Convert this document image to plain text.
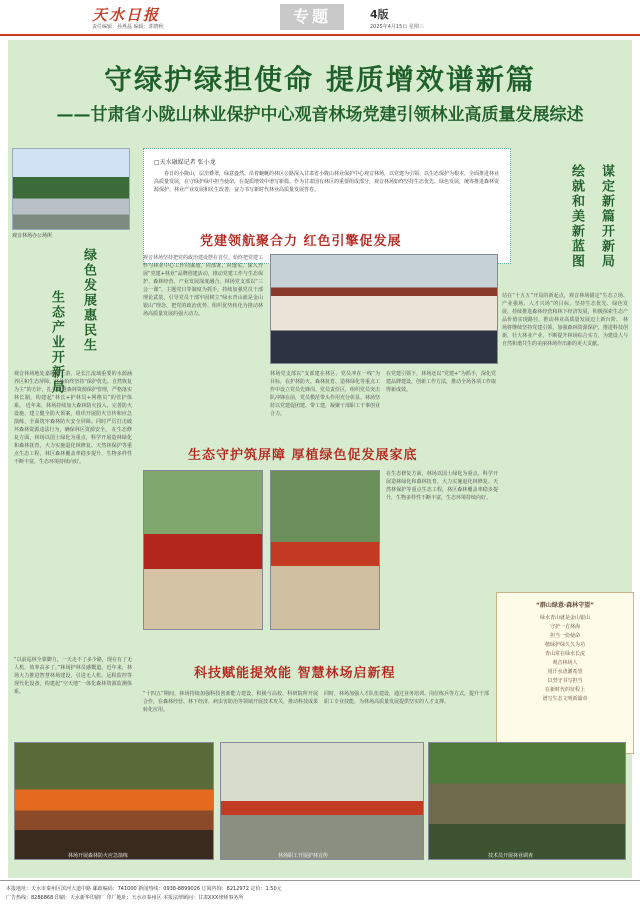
天水日报
责任编辑：孙燕磊 编辑：郭晓秋
专题	4版
2025年4月15日 星期三
守绿护绿担使命 提质增效谱新篇
——甘肃省小陇山林业保护中心观音林场党建引领林业高质量发展综述
观音林场办公场所
绿色发展惠民生
生态产业开新局
□天水融媒记者 张小龙
春日的小陇山，层峦叠翠，绿意盎然。沿着蜿蜒的林区公路深入甘肃省小陇山林业保护中心观音林场，以党建为引领、以生态保护为根本，全面推进林业高质量发展，在守绿护绿中担当使命，在提质增效中谱写新篇。作为甘肃国有林区的重要组成部分，观音林场始终坚持生态优先、绿色发展，统筹推进森林资源保护、林业产业发展和民生改善，奋力书写新时代林业高质量发展答卷。	谋定新篇开新局
绘就和美新蓝图
观音林场地处嘉陵江上游，是长江流域重要的水源涵养区和生态屏障。林场始终坚持“保护优先、自然恢复为主”的方针，扎实推进森林资源保护管理，严格落实林长制，构建起“林长+护林员+网格员”的管护体系。 近年来，林场持续加大森林防火投入，完善防火设施，建立健全防火预案，组织开展防火宣传和应急演练，全面筑牢森林防火安全屏障。同时严厉打击破坏森林资源违法行为，确保林区资源安全。 在生态修复方面，林场以国土绿化为重点，科学开展造林绿化和森林抚育，大力实施退化林修复、天然林保护等重点生态工程，林区森林覆盖率稳步提升，生物多样性不断丰富，生态环境持续向好。
站在“十五五”开局的新起点，观音林场锚定“生态立场、产业强场、人才兴场”的目标，坚持生态优先、绿色发展，持续推进森林经营和林下经济发展，积极探索生态产品价值实现路径，推动林业高质量发展迈上新台阶。 林场将继续坚持党建引领，加强森林资源保护，推进科技创新，壮大林业产业，不断提升林场综合实力，为建设人与自然和谐共生的美丽林场作出新的更大贡献。
党建领航聚合力 红色引擎促发展
观音林场坚持把党的政治建设摆在首位，始终把党建工作与林业中心工作同谋划、同部署、同落实，深入开展“党建+林业”品牌创建活动，推动党建工作与生态保护、森林经营、产业发展深度融合。林场党支部以“三会一课”、主题党日等制度为抓手，持续加强党员干部理论武装，引导党员干部牢固树立“绿水青山就是金山银山”理念，把党的政治优势、组织优势转化为推动林场高质量发展的强大动力。
林场党支部以“支部建在林区、党员冲在一线”为目标，在护林防火、森林抚育、造林绿化等重点工作中设立党员先锋岗、党员责任区，组织党员突击队冲锋在前，党员模范带头作用充分彰显。林场坚持以党建促团建、带工建，凝聚干部职工干事创业合力。
在党建引领下，林场还以“党建+”为抓手，深化党建品牌建设，创新工作方法，推动全场各项工作取得新成效。
生态守护筑屏障 厚植绿色促发展家底
在生态修复方面，林场以国土绿化为重点，科学开展造林绿化和森林抚育，大力实施退化林修复、天然林保护等重点生态工程，林区森林覆盖率稳步提升，生物多样性不断丰富，生态环境持续向好。
科技赋能提效能 智慧林场启新程
“以前巡林全靠脚力，一天走不了多少路，现在有了无人机，效率高多了。”林场护林员感慨道。近年来，林场大力推进智慧林场建设，引进无人机、远程监控等现代化设备，构建起“空天地”一体化森林资源监测体系。	“十四五”期间，林场持续加强科技创新能力建设，积极与高校、科研院所开展合作，在森林经营、林下经济、病虫害防治等领域开展技术攻关，推动科技成果转化应用。
同时，林场加强人才队伍建设，通过业务培训、岗位练兵等方式，提升干部职工专业技能，为林场高质量发展提供坚实的人才支撑。
“群山绿意·森林守望”
绿水青山就是金山银山
守护一方林海
担当一份使命
植绿护绿久久为功
青山常在绿水长流
观音林场人
用汗水浇灌希望
以坚守书写担当
在新时代的征程上
谱写生态文明新篇章
林场开展森林防火应急演练	林场职工开展护林宣传	技术员开展林业调查
本报地址：天水市秦州区滨河大道中路 邮政编码：741000 新闻热线：0938-8899026 订阅咨询：8212972 定价：1.50元
广告热线：8286868 印刷：天水新华印刷厂 印厂地址：天水市秦州区 本报法律顾问：甘肃XXX律师事务所
